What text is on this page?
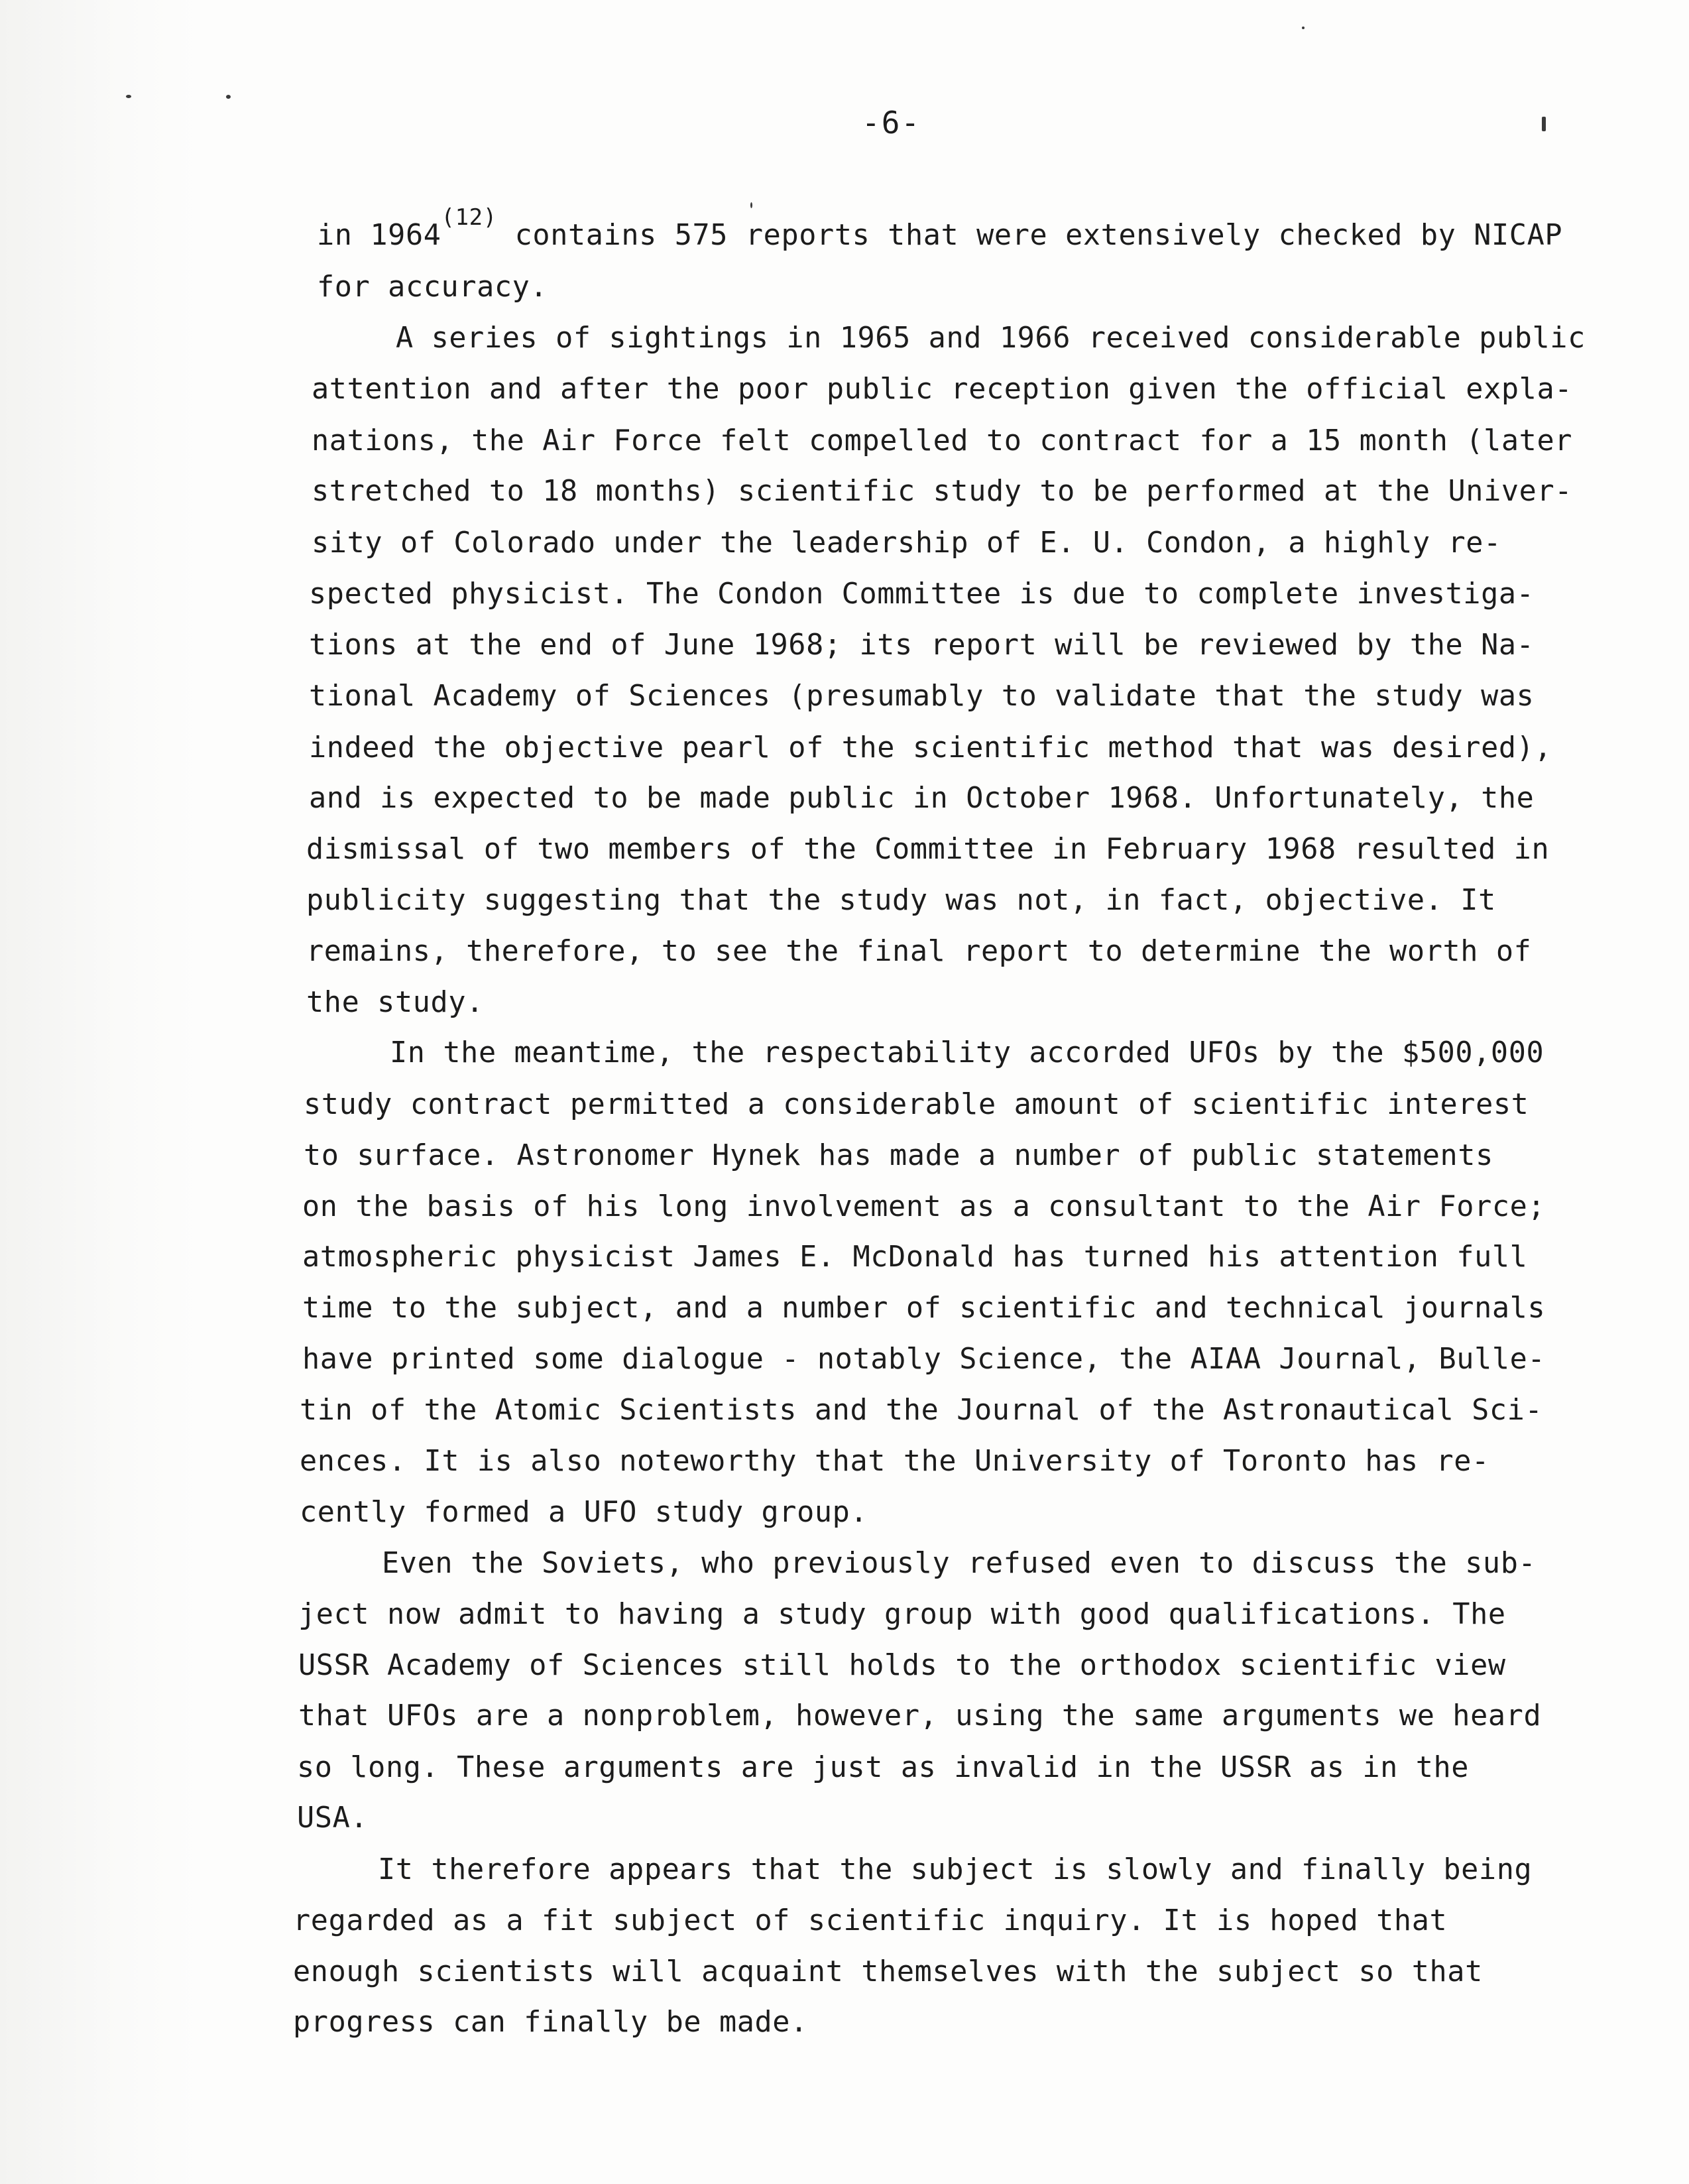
-6-
in 1964$^{(12)}$ contains 575 reports that were extensively checked by NICAP
for accuracy.
A series of sightings in 1965 and 1966 received considerable public
attention and after the poor public reception given the official expla-
nations, the Air Force felt compelled to contract for a 15 month (later
stretched to 18 months) scientific study to be performed at the Univer-
sity of Colorado under the leadership of E. U. Condon, a highly re-
spected physicist. The Condon Committee is due to complete investiga-
tions at the end of June 1968; its report will be reviewed by the Na-
tional Academy of Sciences (presumably to validate that the study was
indeed the objective pearl of the scientific method that was desired),
and is expected to be made public in October 1968. Unfortunately, the
dismissal of two members of the Committee in February 1968 resulted in
publicity suggesting that the study was not, in fact, objective. It
remains, therefore, to see the final report to determine the worth of
the study.
In the meantime, the respectability accorded UFOs by the $500,000
study contract permitted a considerable amount of scientific interest
to surface. Astronomer Hynek has made a number of public statements
on the basis of his long involvement as a consultant to the Air Force;
atmospheric physicist James E. McDonald has turned his attention full
time to the subject, and a number of scientific and technical journals
have printed some dialogue - notably Science, the AIAA Journal, Bulle-
tin of the Atomic Scientists and the Journal of the Astronautical Sci-
ences. It is also noteworthy that the University of Toronto has re-
cently formed a UFO study group.
Even the Soviets, who previously refused even to discuss the sub-
ject now admit to having a study group with good qualifications. The
USSR Academy of Sciences still holds to the orthodox scientific view
that UFOs are a nonproblem, however, using the same arguments we heard
so long. These arguments are just as invalid in the USSR as in the
USA.
It therefore appears that the subject is slowly and finally being
regarded as a fit subject of scientific inquiry. It is hoped that
enough scientists will acquaint themselves with the subject so that
progress can finally be made.
